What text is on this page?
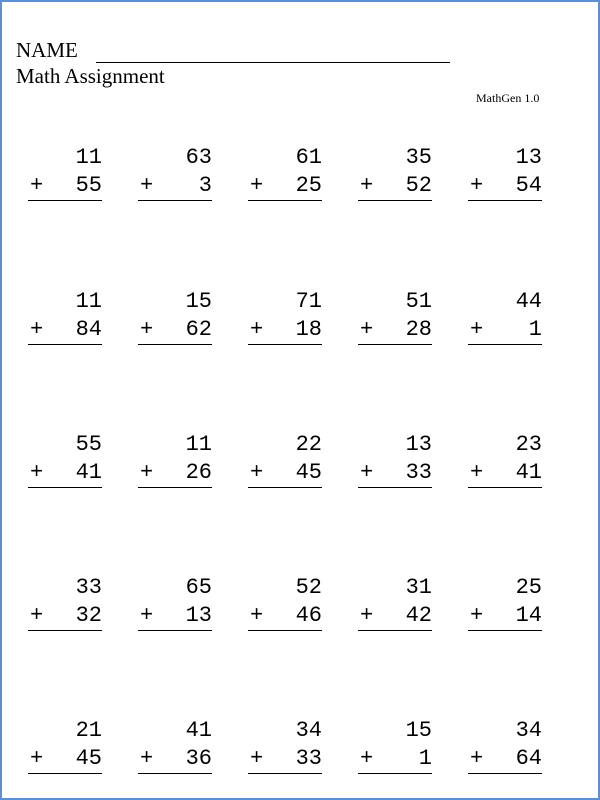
NAME
Math Assignment
MathGen 1.0
11
+ 55
63
+ 3
61
+ 25
35
+ 52
13
+ 54
11
+ 84
15
+ 62
71
+ 18
51
+ 28
44
+ 1
55
+ 41
11
+ 26
22
+ 45
13
+ 33
23
+ 41
33
+ 32
65
+ 13
52
+ 46
31
+ 42
25
+ 14
21
+ 45
41
+ 36
34
+ 33
15
+ 1
34
+ 64
